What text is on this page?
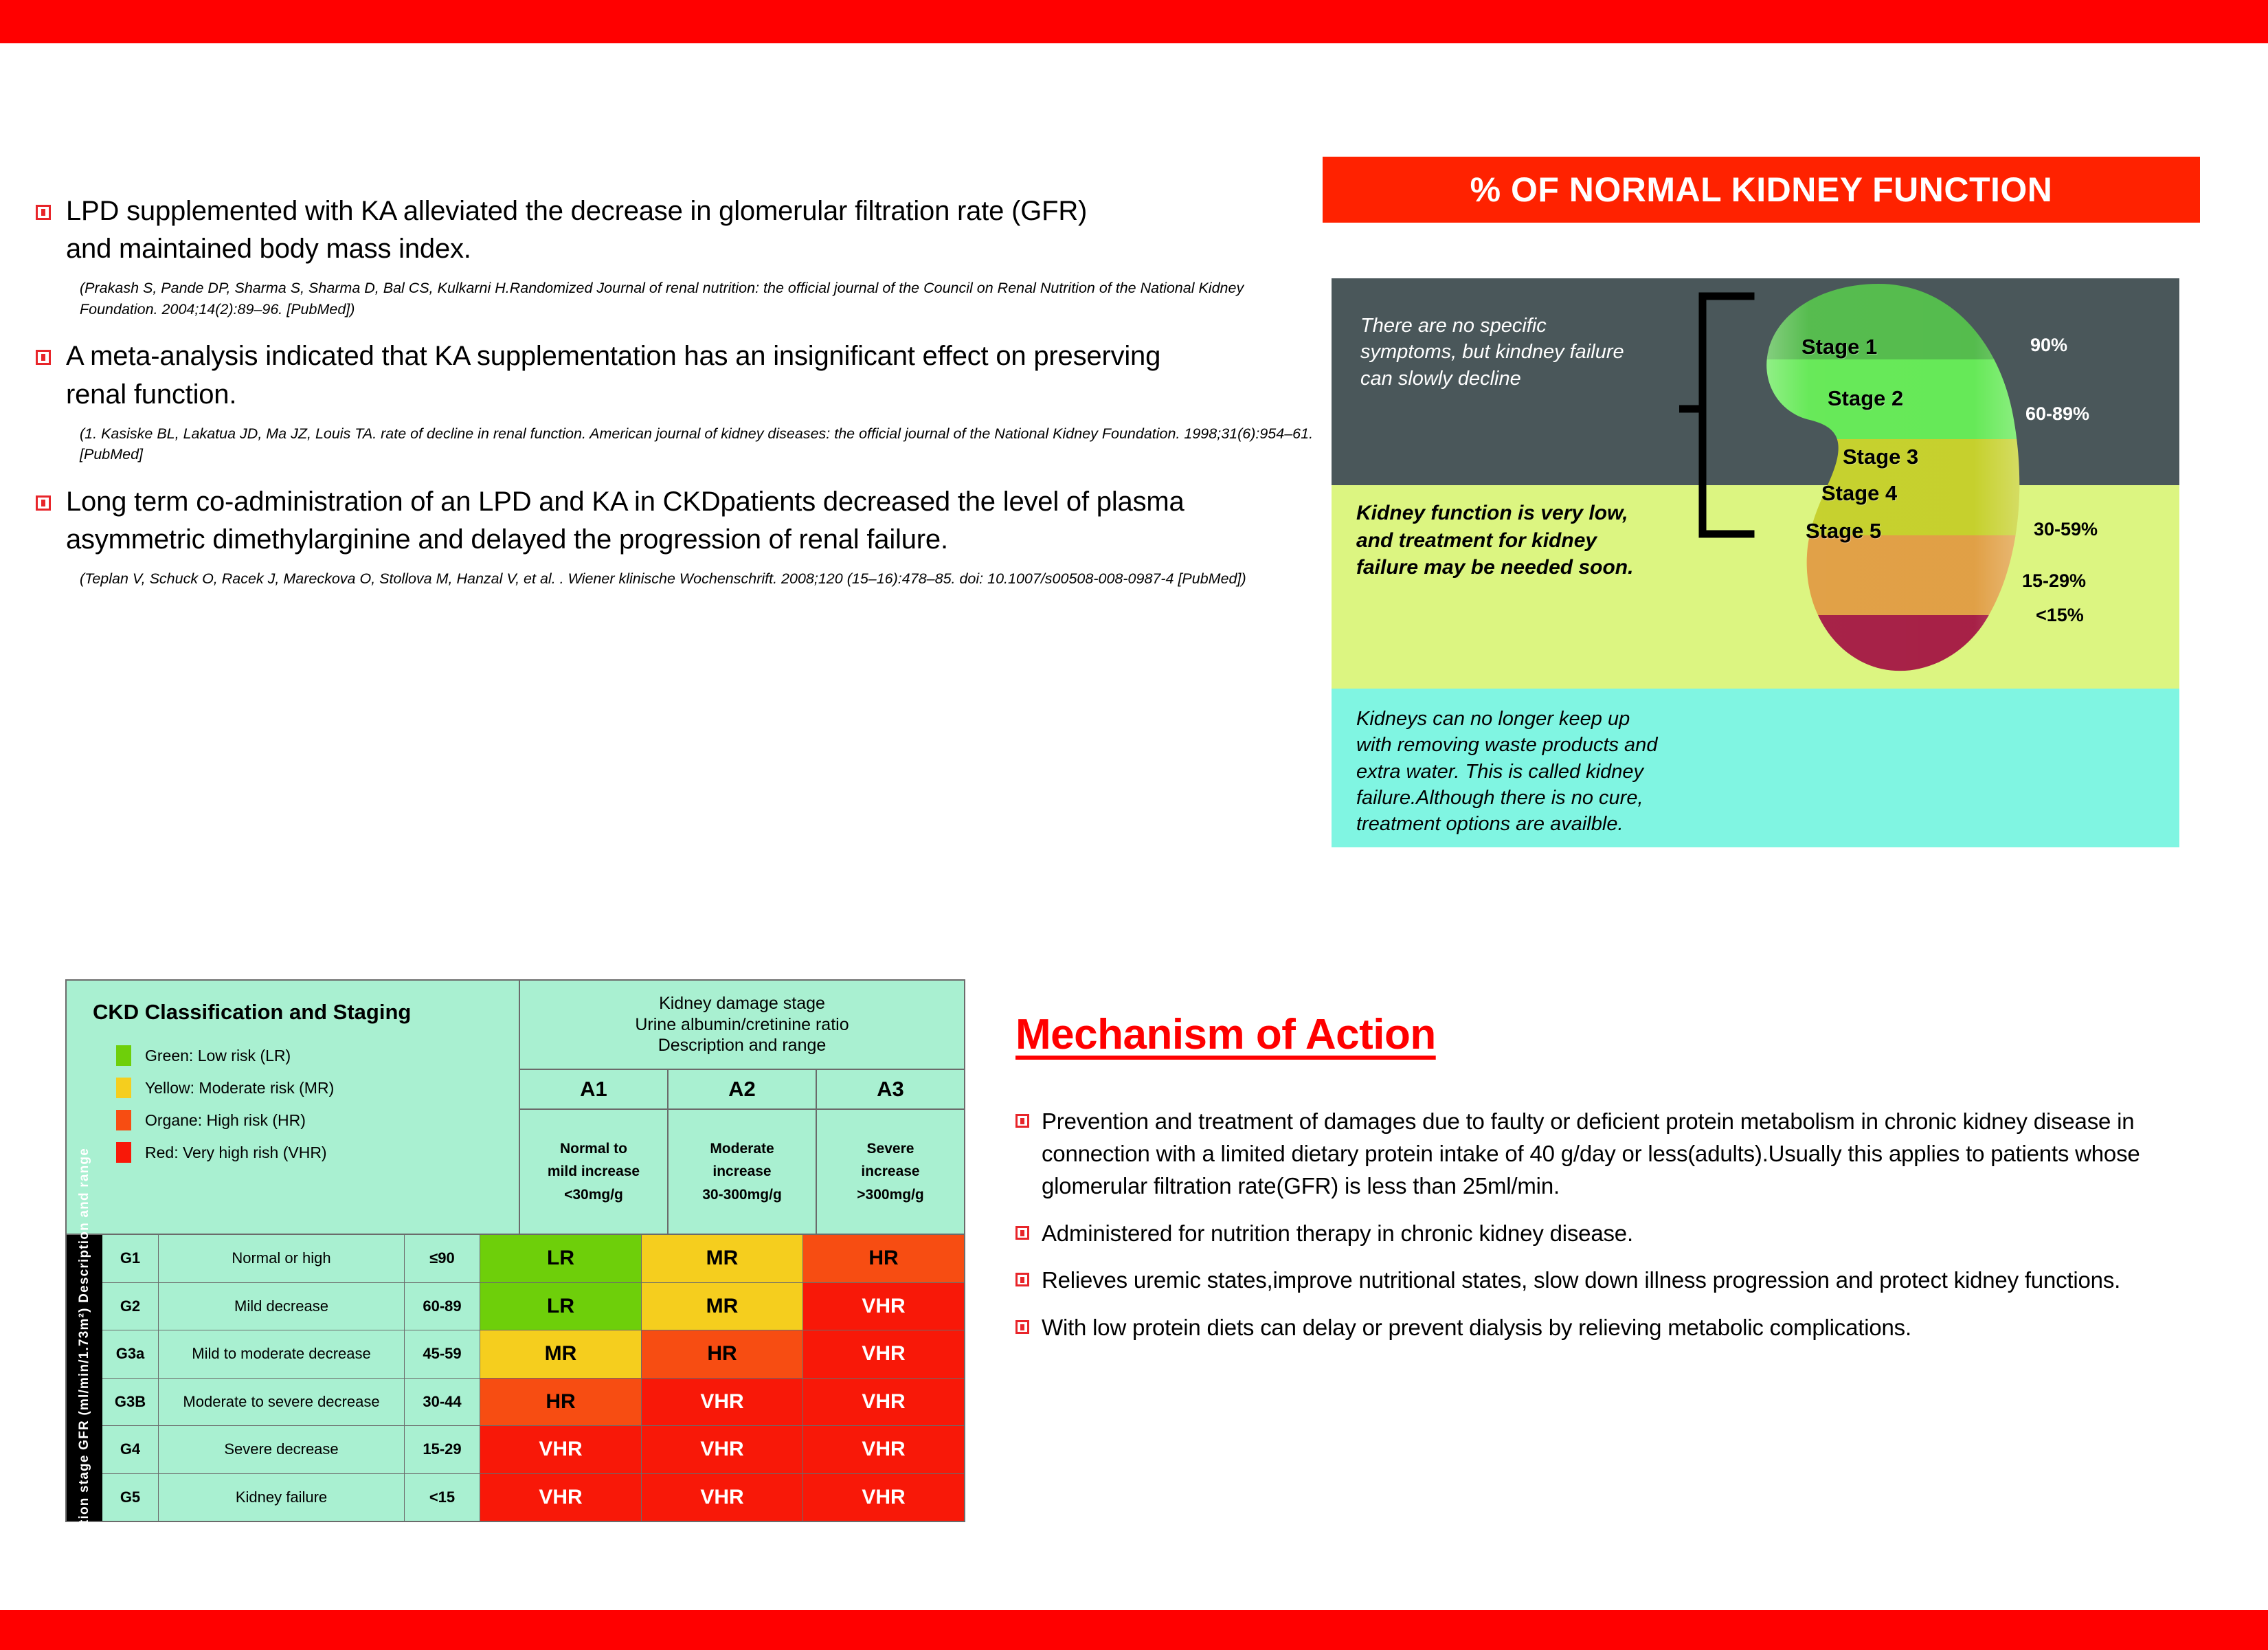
LPD supplemented with KA alleviated the decrease in glomerular filtration rate (GFR) and maintained body mass index.
(Prakash S, Pande DP, Sharma S, Sharma D, Bal CS, Kulkarni H.Randomized Journal of renal nutrition: the official journal of the Council on Renal Nutrition of the National Kidney Foundation. 2004;14(2):89–96. [PubMed])
A meta-analysis indicated that KA supplementation has an insignificant effect on preserving renal function.
(1. Kasiske BL, Lakatua JD, Ma JZ, Louis TA. rate of decline in renal function. American journal of kidney diseases: the official journal of the National Kidney Foundation. 1998;31(6):954–61. [PubMed]
Long term co-administration of an LPD and KA in CKDpatients decreased the level of plasma asymmetric dimethylarginine and delayed the progression of renal failure.
(Teplan V, Schuck O, Racek J, Mareckova O, Stollova M, Hanzal V, et al. . Wiener klinische Wochenschrift. 2008;120 (15–16):478–85. doi: 10.1007/s00508-008-0987-4 [PubMed])
% OF NORMAL KIDNEY FUNCTION
There are no specific symptoms, but kindney failure can slowly decline
Kidney function is very low, and treatment for kidney failure may be needed soon.
Kidneys can no longer keep up with removing waste products and extra water. This is called kidney failure.Although there is no cure, treatment options are availble.
Stage 1
Stage 2
Stage 3
Stage 4
Stage 5
90%
60-89%
30-59%
15-29%
<15%
CKD Classification and Staging
Green: Low risk (LR)
Yellow: Moderate risk (MR)
Organe: High risk (HR)
Red: Very high rish (VHR)
Kidney damage stage
Urine albumin/cretinine ratio
Description and range
A1	A2	A3
Normal to
mild increase
<30mg/g
Moderate
increase
30-300mg/g
Severe
increase
>300mg/g
Kidney function stage GFR (ml/min/1.73m²) Description and range	G1	Normal or high	≤90	LR	MR	HR
G2	Mild decrease	60-89	LR	MR	VHR
G3a	Mild to moderate decrease	45-59	MR	HR	VHR
G3B	Moderate to severe decrease	30-44	HR	VHR	VHR
G4	Severe decrease	15-29	VHR	VHR	VHR
G5	Kidney failure	<15	VHR	VHR	VHR
Mechanism of Action
Prevention and treatment of damages due to faulty or deficient protein metabolism in chronic kidney disease in connection with a limited dietary protein intake of 40 g/day or less(adults).Usually this applies to patients whose glomerular filtration rate(GFR) is less than 25ml/min.
Administered for nutrition therapy in chronic kidney disease.
Relieves uremic states,improve nutritional states, slow down illness progression and protect kidney functions.
With low protein diets can delay or prevent dialysis by relieving metabolic complications.
